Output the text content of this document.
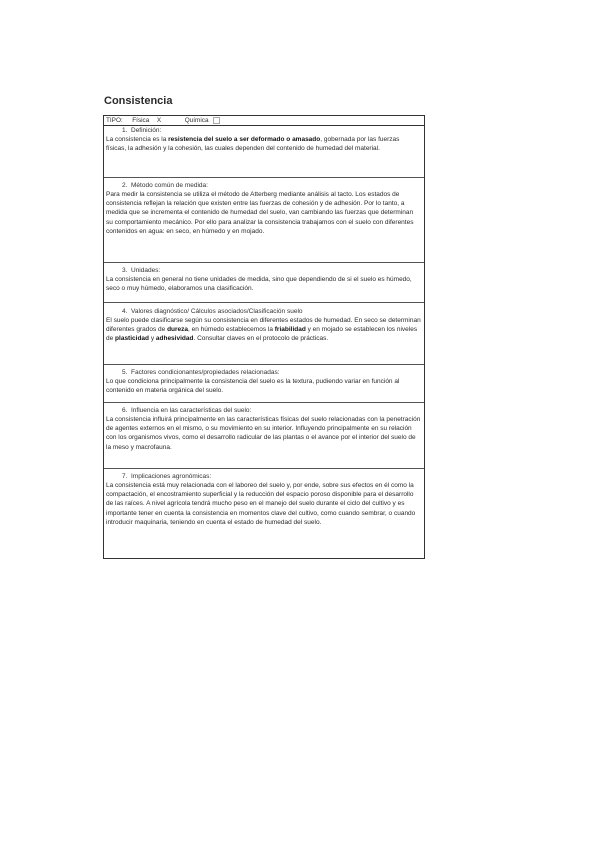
Consistencia
TIPO: Física X	Química
1. Definición:
La consistencia es la resistencia del suelo a ser deformado o amasado, gobernada por las fuerzas físicas, la adhesión y la cohesión, las cuales dependen del contenido de humedad del material.
2. Método común de medida:
Para medir la consistencia se utiliza el método de Atterberg mediante análisis al tacto. Los estados de consistencia reflejan la relación que existen entre las fuerzas de cohesión y de adhesión. Por lo tanto, a medida que se incrementa el contenido de humedad del suelo, van cambiando las fuerzas que determinan su comportamiento mecánico. Por ello para analizar la consistencia trabajamos con el suelo con diferentes contenidos en agua: en seco, en húmedo y en mojado.
3. Unidades:
La consistencia en general no tiene unidades de medida, sino que dependiendo de si el suelo es húmedo, seco o muy húmedo, elaboramos una clasificación.
4. Valores diagnóstico/ Cálculos asociados/Clasificación suelo
El suelo puede clasificarse según su consistencia en diferentes estados de humedad. En seco se determinan diferentes grados de dureza, en húmedo establecemos la friabilidad y en mojado se establecen los niveles de plasticidad y adhesividad. Consultar claves en el protocolo de prácticas.
5. Factores condicionantes/propiedades relacionadas:
Lo que condiciona principalmente la consistencia del suelo es la textura, pudiendo variar en función al contenido en materia orgánica del suelo.
6. Influencia en las características del suelo:
La consistencia influirá principalmente en las características físicas del suelo relacionadas con la penetración de agentes externos en el mismo, o su movimiento en su interior. Influyendo principalmente en su relación con los organismos vivos, como el desarrollo radicular de las plantas o el avance por el interior del suelo de la meso y macrofauna.
7. Implicaciones agronómicas:
La consistencia está muy relacionada con el laboreo del suelo y, por ende, sobre sus efectos en él como la compactación, el encostramiento superficial y la reducción del espacio poroso disponible para el desarrollo de las raíces. A nivel agrícola tendrá mucho peso en el manejo del suelo durante el ciclo del cultivo y es importante tener en cuenta la consistencia en momentos clave del cultivo, como cuando sembrar, o cuando introducir maquinaria, teniendo en cuenta el estado de humedad del suelo.
